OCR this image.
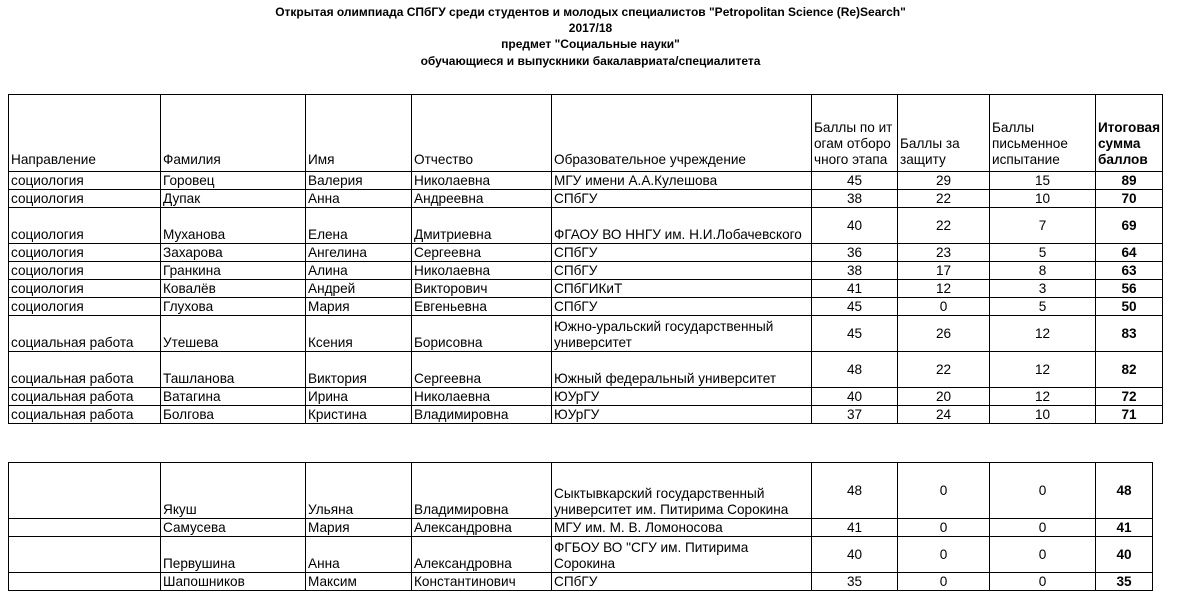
Открытая олимпиада СПбГУ среди студентов и молодых специалистов "Petropolitan Science (Re)Search"
2017/18
предмет "Социальные науки"
обучающиеся и выпускники бакалавриата/специалитета
Направление	Фамилия	Имя	Отчество	Образовательное учреждение	Баллы по итогам отборочного этапа	Баллы за защиту	Баллы письменное испытание	Итоговая сумма баллов
социология	Горовец	Валерия	Николаевна	МГУ имени А.А.Кулешова	45	29	15	89
социология	Дупак	Анна	Андреевна	СПбГУ	38	22	10	70
социология	Муханова	Елена	Дмитриевна	ФГАОУ ВО ННГУ им. Н.И.Лобачевского	40	22	7	69
социология	Захарова	Ангелина	Сергеевна	СПбГУ	36	23	5	64
социология	Гранкина	Алина	Николаевна	СПбГУ	38	17	8	63
социология	Ковалёв	Андрей	Викторович	СПбГИКиТ	41	12	3	56
социология	Глухова	Мария	Евгеньевна	СПбГУ	45	0	5	50
социальная работа	Утешева	Ксения	Борисовна	Южно-уральский государственный университет	45	26	12	83
социальная работа	Ташланова	Виктория	Сергеевна	Южный федеральный университет	48	22	12	82
социальная работа	Ватагина	Ирина	Николаевна	ЮУрГУ	40	20	12	72
социальная работа	Болгова	Кристина	Владимировна	ЮУрГУ	37	24	10	71
	Якуш	Ульяна	Владимировна	Сыктывкарский государственный университет им. Питирима Сорокина	48	0	0	48
	Самусева	Мария	Александровна	МГУ им. М. В. Ломоносова	41	0	0	41
	Первушина	Анна	Александровна	ФГБОУ ВО "СГУ им. Питирима Сорокина	40	0	0	40
	Шапошников	Максим	Константинович	СПбГУ	35	0	0	35
